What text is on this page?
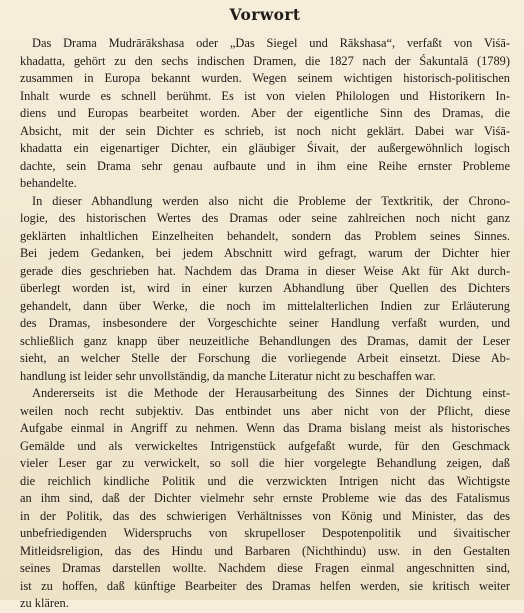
Vorwort

Das Drama Mudrārākshasa oder „Das Siegel und Rākshasa“, verfaßt von Viśā-
khadatta, gehört zu den sechs indischen Dramen, die 1827 nach der Śakuntalā (1789)
zusammen in Europa bekannt wurden. Wegen seinem wichtigen historisch-politischen
Inhalt wurde es schnell berühmt. Es ist von vielen Philologen und Historikern In-
diens und Europas bearbeitet worden. Aber der eigentliche Sinn des Dramas, die
Absicht, mit der sein Dichter es schrieb, ist noch nicht geklärt. Dabei war Viśā-
khadatta ein eigenartiger Dichter, ein gläubiger Śivait, der außergewöhnlich logisch
dachte, sein Drama sehr genau aufbaute und in ihm eine Reihe ernster Probleme
behandelte.

In dieser Abhandlung werden also nicht die Probleme der Textkritik, der Chrono-
logie, des historischen Wertes des Dramas oder seine zahlreichen noch nicht ganz
geklärten inhaltlichen Einzelheiten behandelt, sondern das Problem seines Sinnes.
Bei jedem Gedanken, bei jedem Abschnitt wird gefragt, warum der Dichter hier
gerade dies geschrieben hat. Nachdem das Drama in dieser Weise Akt für Akt durch-
überlegt worden ist, wird in einer kurzen Abhandlung über Quellen des Dichters
gehandelt, dann über Werke, die noch im mittelalterlichen Indien zur Erläuterung
des Dramas, insbesondere der Vorgeschichte seiner Handlung verfaßt wurden, und
schließlich ganz knapp über neuzeitliche Behandlungen des Dramas, damit der Leser
sieht, an welcher Stelle der Forschung die vorliegende Arbeit einsetzt. Diese Ab-
handlung ist leider sehr unvollständig, da manche Literatur nicht zu beschaffen war.

Andererseits ist die Methode der Herausarbeitung des Sinnes der Dichtung einst-
weilen noch recht subjektiv. Das entbindet uns aber nicht von der Pflicht, diese
Aufgabe einmal in Angriff zu nehmen. Wenn das Drama bislang meist als historisches
Gemälde und als verwickeltes Intrigenstück aufgefaßt wurde, für den Geschmack
vieler Leser gar zu verwickelt, so soll die hier vorgelegte Behandlung zeigen, daß
die reichlich kindliche Politik und die verzwickten Intrigen nicht das Wichtigste
an ihm sind, daß der Dichter vielmehr sehr ernste Probleme wie das des Fatalismus
in der Politik, das des schwierigen Verhältnisses von König und Minister, das des
unbefriedigenden Widerspruchs von skrupelloser Despotenpolitik und śivaitischer
Mitleidsreligion, das des Hindu und Barbaren (Nichthindu) usw. in den Gestalten
seines Dramas darstellen wollte. Nachdem diese Fragen einmal angeschnitten sind,
ist zu hoffen, daß künftige Bearbeiter des Dramas helfen werden, sie kritisch weiter
zu klären.
